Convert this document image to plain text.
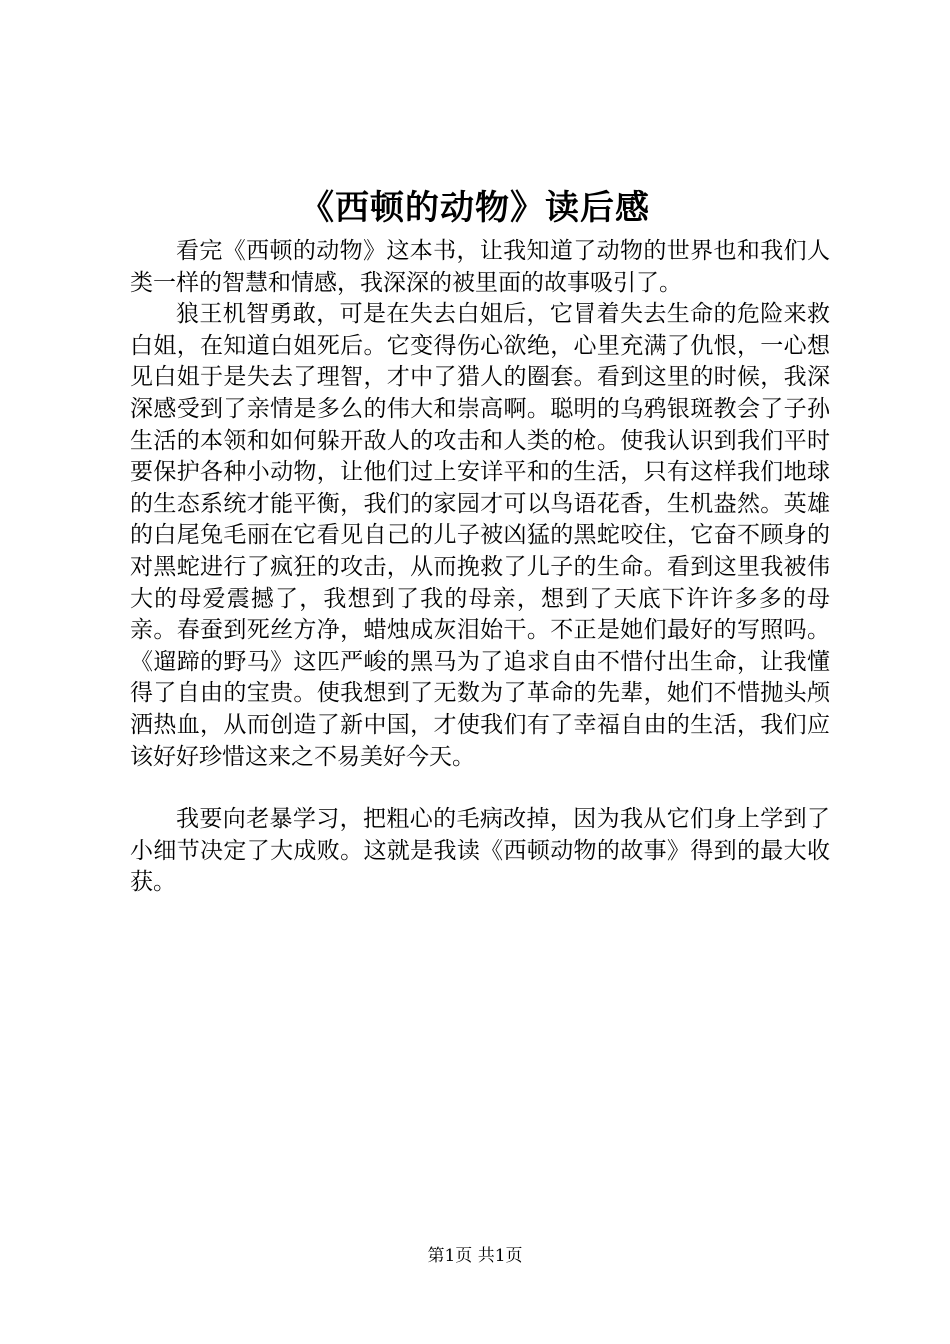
《西顿的动物》读后感

看完《西顿的动物》这本书，让我知道了动物的世界也和我们人类一样的智慧和情感，我深深的被里面的故事吸引了。

狼王机智勇敢，可是在失去白姐后，它冒着失去生命的危险来救白姐，在知道白姐死后。它变得伤心欲绝，心里充满了仇恨，一心想见白姐于是失去了理智，才中了猎人的圈套。看到这里的时候，我深深感受到了亲情是多么的伟大和崇高啊。聪明的乌鸦银斑教会了子孙生活的本领和如何躲开敌人的攻击和人类的枪。使我认识到我们平时要保护各种小动物，让他们过上安详平和的生活，只有这样我们地球的生态系统才能平衡，我们的家园才可以鸟语花香，生机盎然。英雄的白尾兔毛丽在它看见自己的儿子被凶猛的黑蛇咬住，它奋不顾身的对黑蛇进行了疯狂的攻击，从而挽救了儿子的生命。看到这里我被伟大的母爱震撼了，我想到了我的母亲，想到了天底下许许多多的母亲。春蚕到死丝方净，蜡烛成灰泪始干。不正是她们最好的写照吗。《遛蹄的野马》这匹严峻的黑马为了追求自由不惜付出生命，让我懂得了自由的宝贵。使我想到了无数为了革命的先辈，她们不惜抛头颅洒热血，从而创造了新中国，才使我们有了幸福自由的生活，我们应该好好珍惜这来之不易美好今天。

我要向老暴学习，把粗心的毛病改掉，因为我从它们身上学到了小细节决定了大成败。这就是我读《西顿动物的故事》得到的最大收获。

第1页 共1页
